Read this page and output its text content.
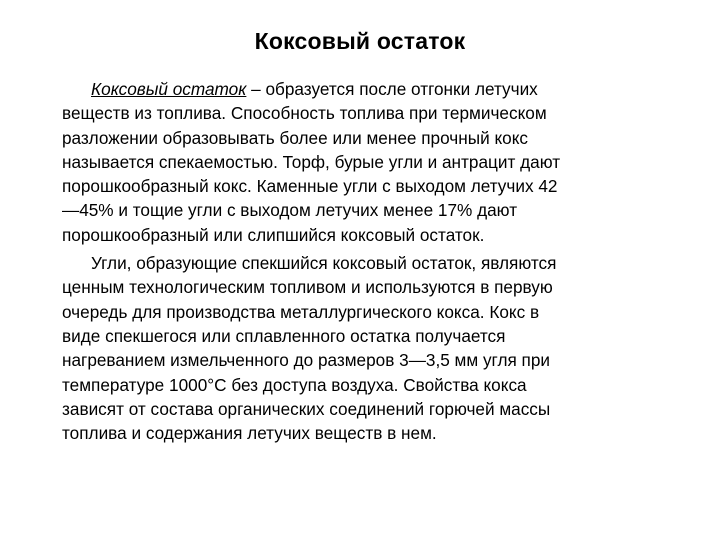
Коксовый остаток
Коксовый остаток – образуется после отгонки летучих
веществ из топлива. Способность топлива при термическом
разложении образовывать более или менее прочный кокс
называется спекаемостью. Торф, бурые угли и антрацит дают
порошкообразный кокс. Каменные угли с выходом летучих 42
—45% и тощие угли с выходом летучих менее 17% дают
порошкообразный или слипшийся коксовый остаток.
Угли, образующие спекшийся коксовый остаток, являются
ценным технологическим топливом и используются в первую
очередь для производства металлургического кокса. Кокс в
виде спекшегося или сплавленного остатка получается
нагреванием измельченного до размеров 3—3,5 мм угля при
температуре 1000°С без доступа воздуха. Свойства кокса
зависят от состава органических соединений горючей массы
топлива и содержания летучих веществ в нем.
